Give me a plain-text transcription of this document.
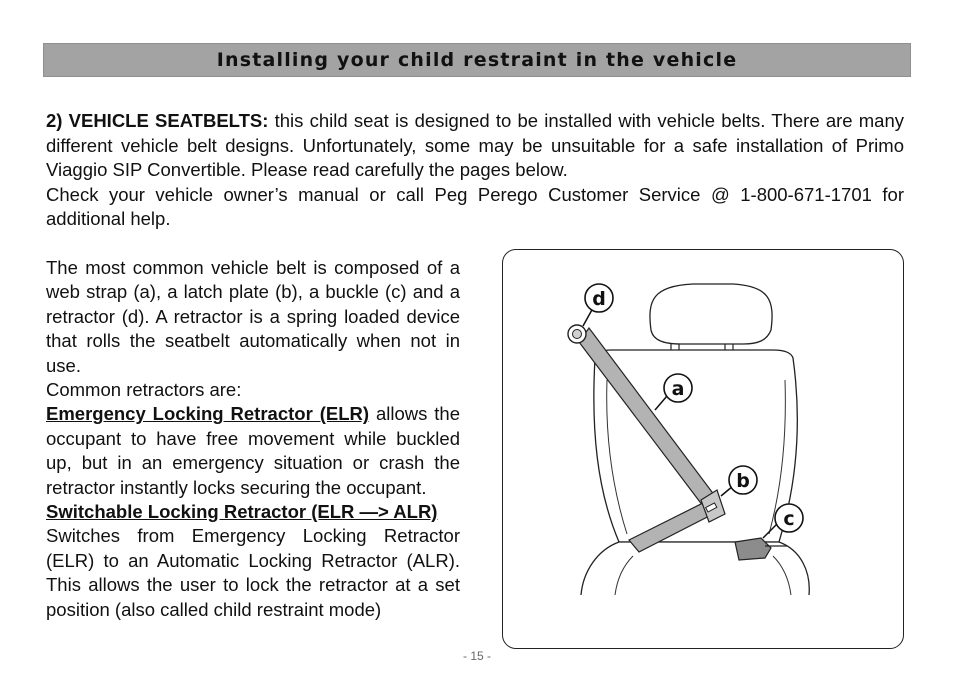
Installing your child restraint in the vehicle

2) VEHICLE SEATBELTS: this child seat is designed to be installed with vehicle belts. There are many different vehicle belt designs. Unfortunately, some may be unsuitable for a safe installation of Primo Viaggio SIP Convertible. Please read carefully the pages below.

Check your vehicle owner’s manual or call Peg Perego Customer Service @ 1-800-671-1701 for additional help.

The most common vehicle belt is composed of a web strap (a), a latch plate (b), a buckle (c) and a retractor (d). A retractor is a spring loaded device that rolls the seatbelt automatically when not in use.

Common retractors are:

Emergency Locking Retractor (ELR) allows the occupant to have free movement while buckled up, but in an emergency situation or crash the retractor instantly locks securing the occupant.

Switchable Locking Retractor (ELR —> ALR)
Switches from Emergency Locking Retractor (ELR) to an Automatic Locking Retractor (ALR). This allows the user to lock the retractor at a set position (also called child restraint mode)

d
a
b
c
- 15 -
